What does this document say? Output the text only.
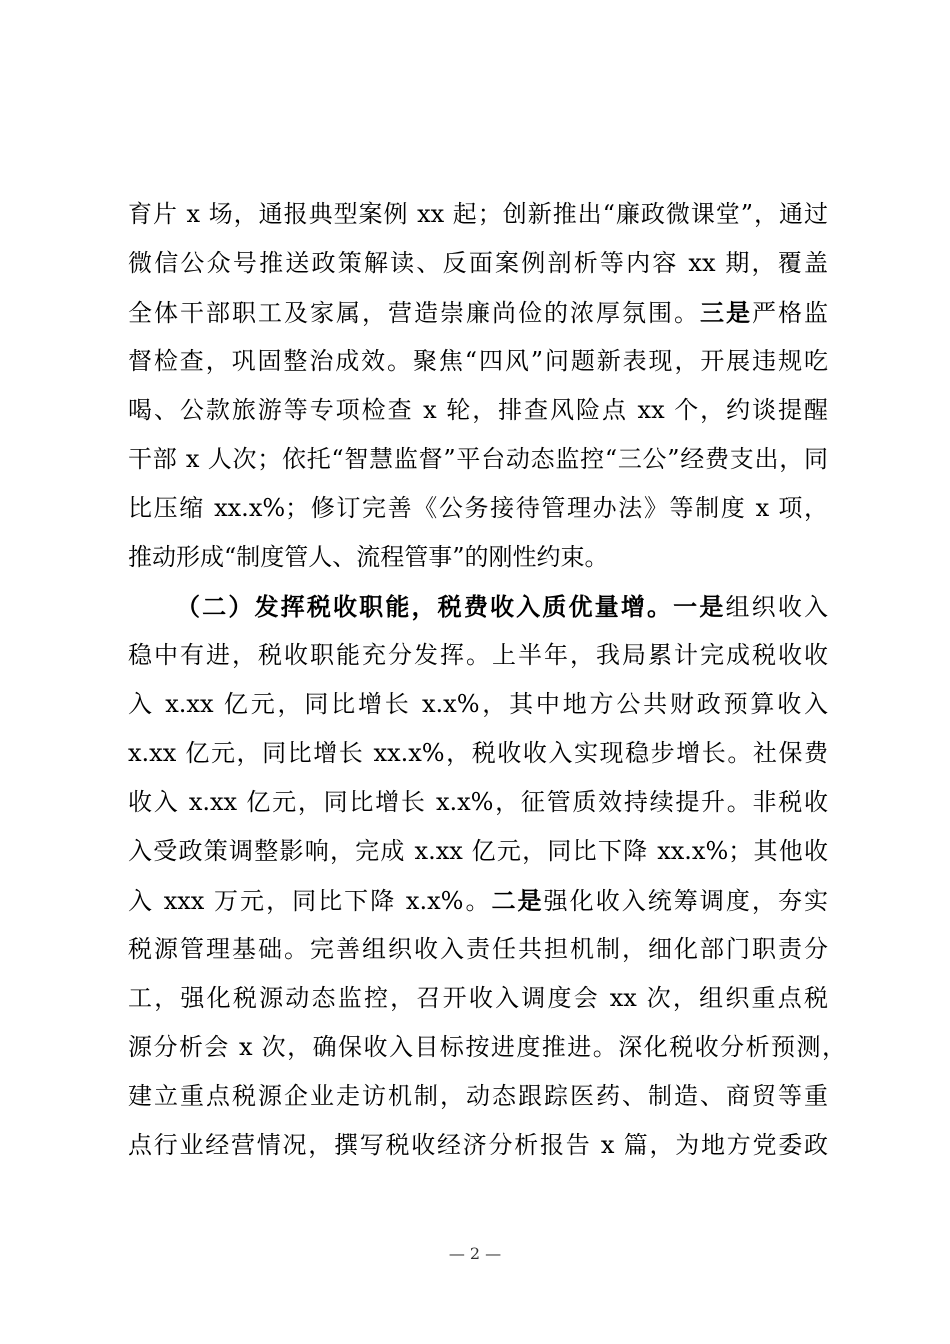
育片 x 场，通报典型案例 xx 起；创新推出“廉政微课堂”，通过
微信公众号推送政策解读、反面案例剖析等内容 xx 期，覆盖
全体干部职工及家属，营造崇廉尚俭的浓厚氛围。三是严格监
督检查，巩固整治成效。聚焦“四风”问题新表现，开展违规吃
喝、公款旅游等专项检查 x 轮，排查风险点 xx 个，约谈提醒
干部 x 人次；依托“智慧监督”平台动态监控“三公”经费支出，同
比压缩 xx.x%；修订完善《公务接待管理办法》等制度 x 项，
推动形成“制度管人、流程管事”的刚性约束。
（二）发挥税收职能，税费收入质优量增。一是组织收入
稳中有进，税收职能充分发挥。上半年，我局累计完成税收收
入 x.xx 亿元，同比增长 x.x%，其中地方公共财政预算收入
x.xx 亿元，同比增长 xx.x%，税收收入实现稳步增长。社保费
收入 x.xx 亿元，同比增长 x.x%，征管质效持续提升。非税收
入受政策调整影响，完成 x.xx 亿元，同比下降 xx.x%；其他收
入 xxx 万元，同比下降 x.x%。二是强化收入统筹调度，夯实
税源管理基础。完善组织收入责任共担机制，细化部门职责分
工，强化税源动态监控，召开收入调度会 xx 次，组织重点税
源分析会 x 次，确保收入目标按进度推进。深化税收分析预测，
建立重点税源企业走访机制，动态跟踪医药、制造、商贸等重
点行业经营情况，撰写税收经济分析报告 x 篇，为地方党委政
— 2 —
